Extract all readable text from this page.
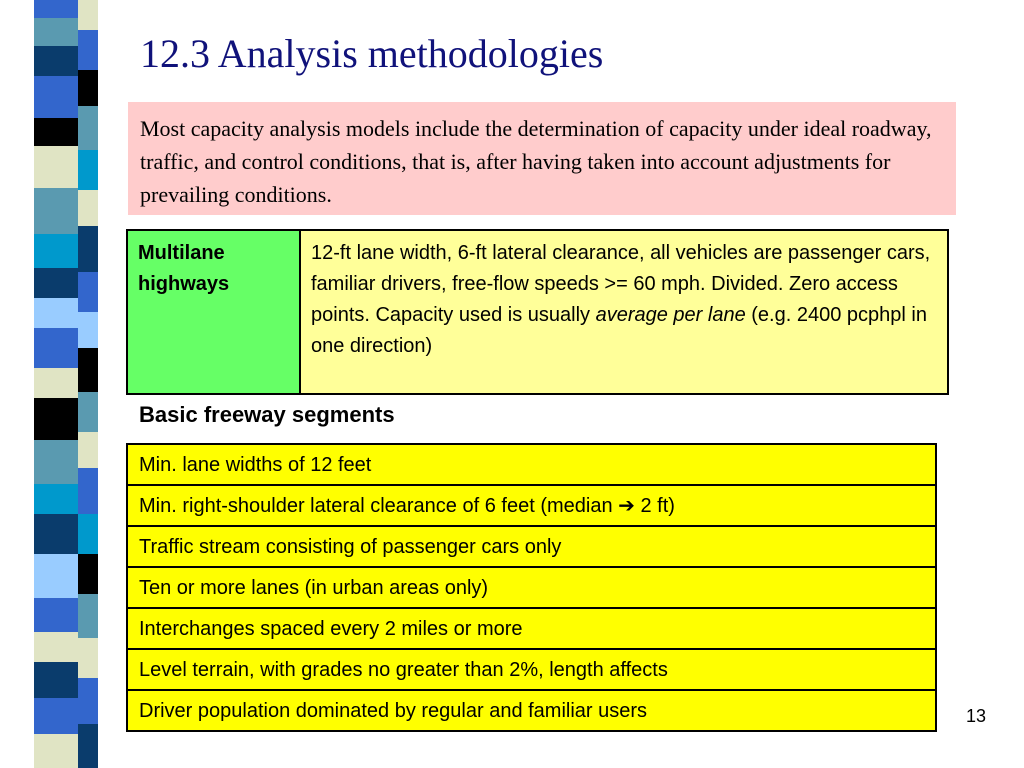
12.3 Analysis methodologies
Most capacity analysis models include the determination of capacity under ideal roadway, traffic, and control conditions, that is, after having taken into account adjustments for prevailing conditions.
Multilane highways	12-ft lane width, 6-ft lateral clearance, all vehicles are passenger cars, familiar drivers, free-flow speeds >= 60 mph. Divided. Zero access points. Capacity used is usually average per lane (e.g. 2400 pcphpl in one direction)
Basic freeway segments
Min. lane widths of 12 feet
Min. right-shoulder lateral clearance of 6 feet (median ➔ 2 ft)
Traffic stream consisting of passenger cars only
Ten or more lanes (in urban areas only)
Interchanges spaced every 2 miles or more
Level terrain, with grades no greater than 2%, length affects
Driver population dominated by regular and familiar users	13
